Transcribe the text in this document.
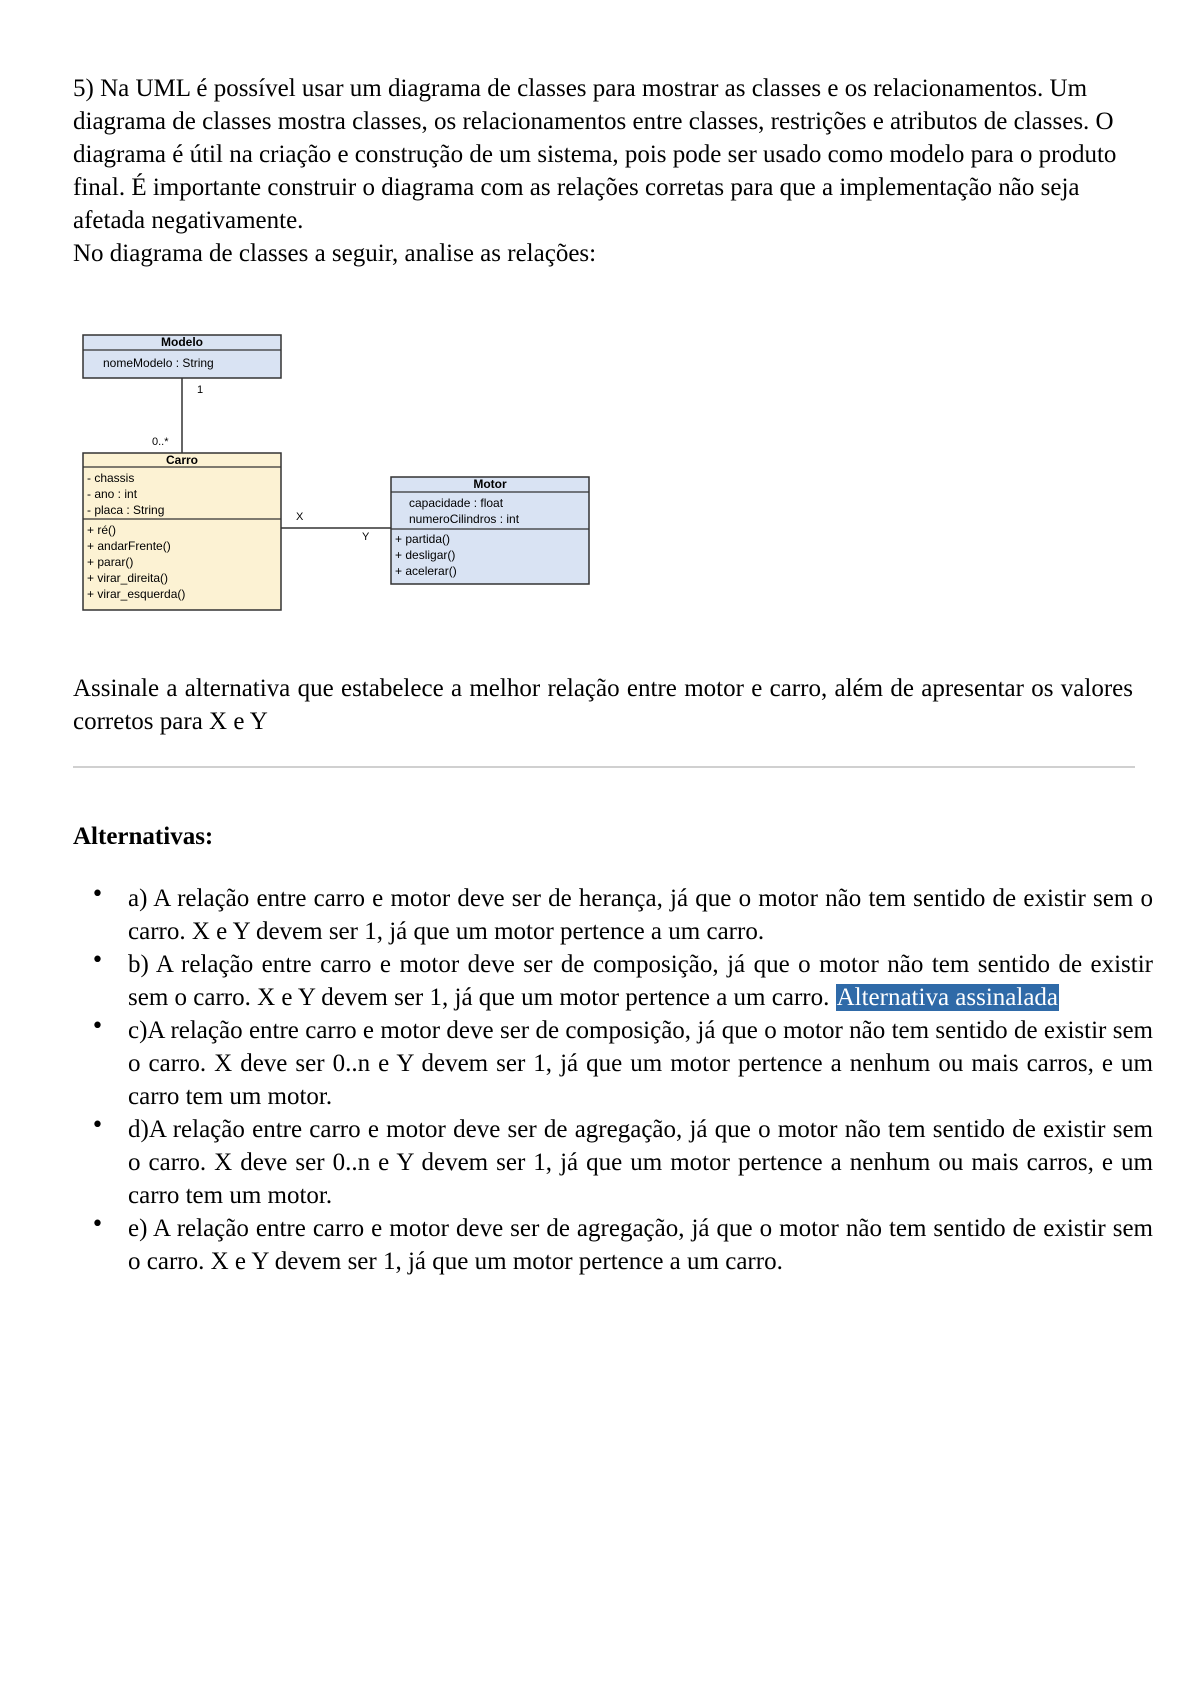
5) Na UML é possível usar um diagrama de classes para mostrar as classes e os relacionamentos. Um diagrama de classes mostra classes, os relacionamentos entre classes, restrições e atributos de classes. O diagrama é útil na criação e construção de um sistema, pois pode ser usado como modelo para o produto final. É importante construir o diagrama com as relações corretas para que a implementação não seja afetada negativamente.

No diagrama de classes a seguir, analise as relações:

Modelo
nomeModelo : String
1
0..*
Carro
- chassis
- ano : int
- placa : String
+ ré()
+ andarFrente()
+ parar()
+ virar_direita()
+ virar_esquerda()
X
Y
Motor
capacidade : float
numeroCilindros : int
+ partida()
+ desligar()
+ acelerar()

Assinale a alternativa que estabelece a melhor relação entre motor e carro, além de apresentar os valores corretos para X e Y

Alternativas:

• a) A relação entre carro e motor deve ser de herança, já que o motor não tem sentido de existir sem o carro. X e Y devem ser 1, já que um motor pertence a um carro.
• b) A relação entre carro e motor deve ser de composição, já que o motor não tem sentido de existir sem o carro. X e Y devem ser 1, já que um motor pertence a um carro. Alternativa assinalada
• c)A relação entre carro e motor deve ser de composição, já que o motor não tem sentido de existir sem o carro. X deve ser 0..n e Y devem ser 1, já que um motor pertence a nenhum ou mais carros, e um carro tem um motor.
• d)A relação entre carro e motor deve ser de agregação, já que o motor não tem sentido de existir sem o carro. X deve ser 0..n e Y devem ser 1, já que um motor pertence a nenhum ou mais carros, e um carro tem um motor.
• e) A relação entre carro e motor deve ser de agregação, já que o motor não tem sentido de existir sem o carro. X e Y devem ser 1, já que um motor pertence a um carro.
